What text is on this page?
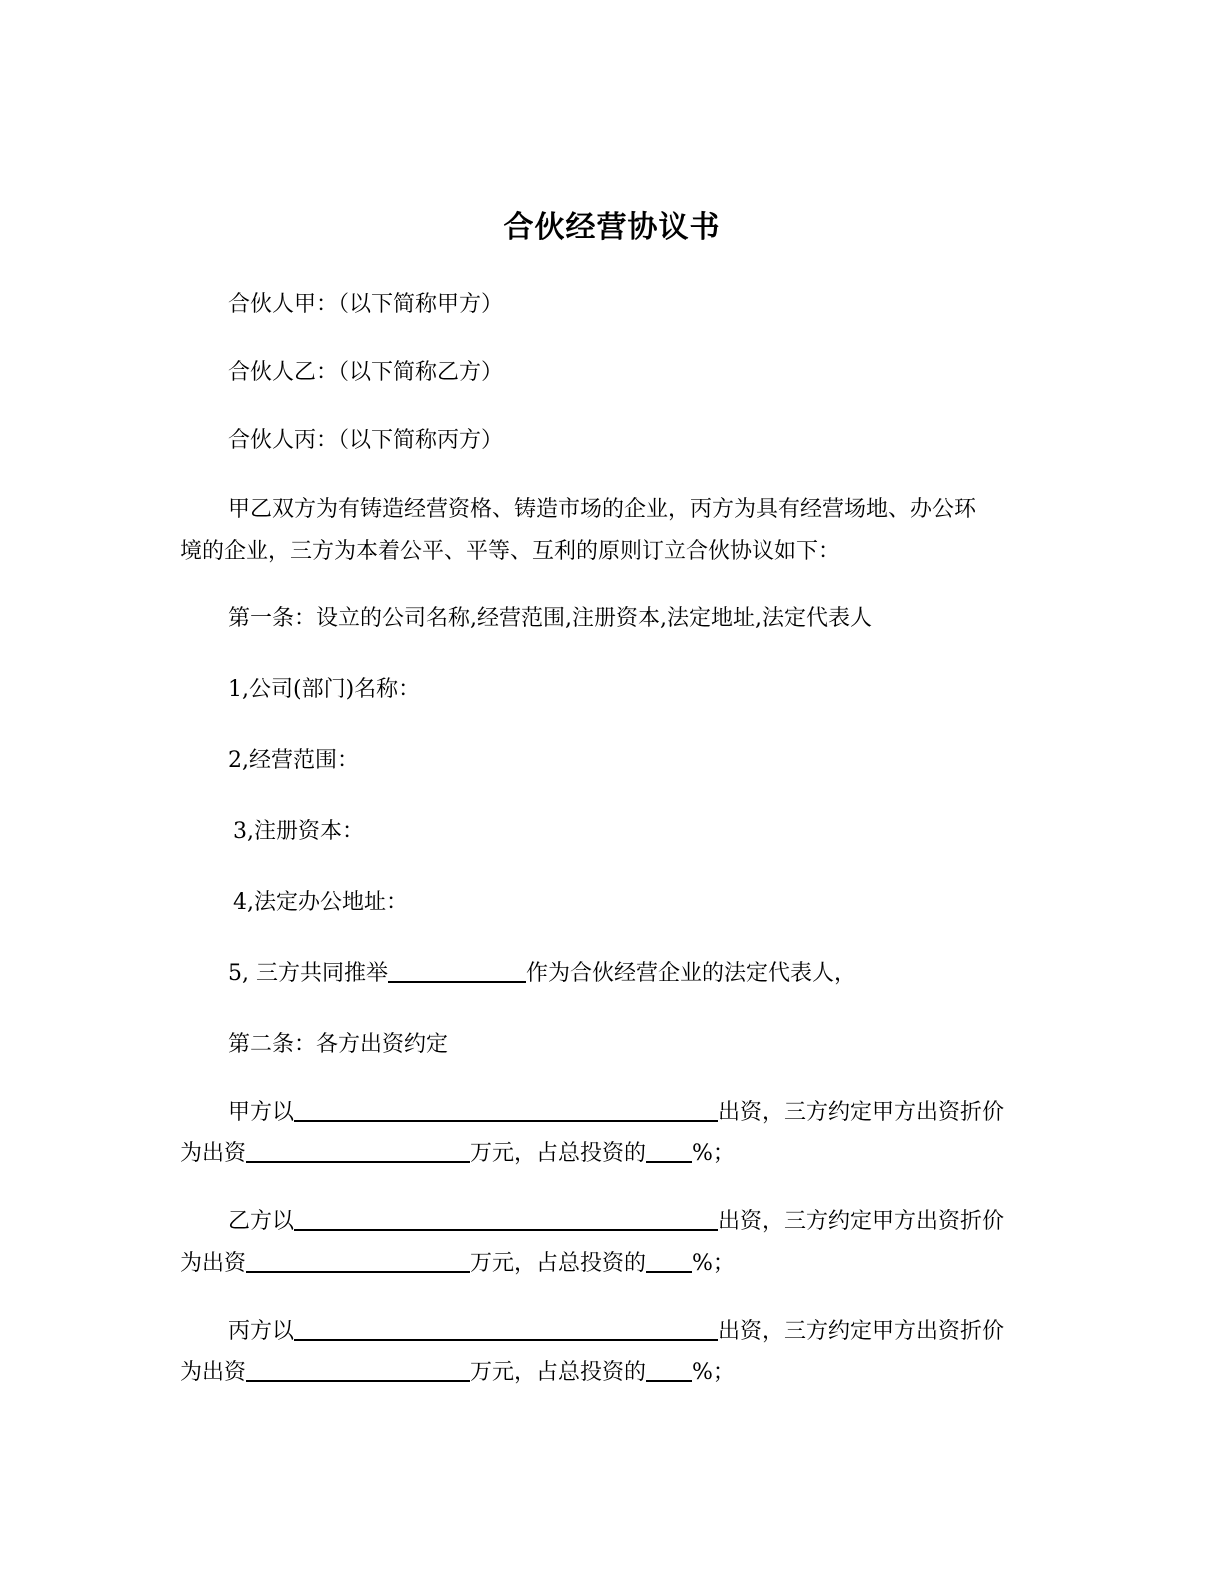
合伙经营协议书
合伙人甲：（以下简称甲方）
合伙人乙：（以下简称乙方）
合伙人丙：（以下简称丙方）
甲乙双方为有铸造经营资格、铸造市场的企业，丙方为具有经营场地、办公环
境的企业，三方为本着公平、平等、互利的原则订立合伙协议如下：
第一条：设立的公司名称,经营范围,注册资本,法定地址,法定代表人
1,公司(部门)名称：
2,经营范围：
3,注册资本：
4,法定办公地址：
5, 三方共同推举	作为合伙经营企业的法定代表人，
第二条：各方出资约定
甲方以	出资，三方约定甲方出资折价
为出资	万元，占总投资的 %；
乙方以	出资，三方约定甲方出资折价
为出资	万元，占总投资的 %；
丙方以	出资，三方约定甲方出资折价
为出资	万元，占总投资的 %；
